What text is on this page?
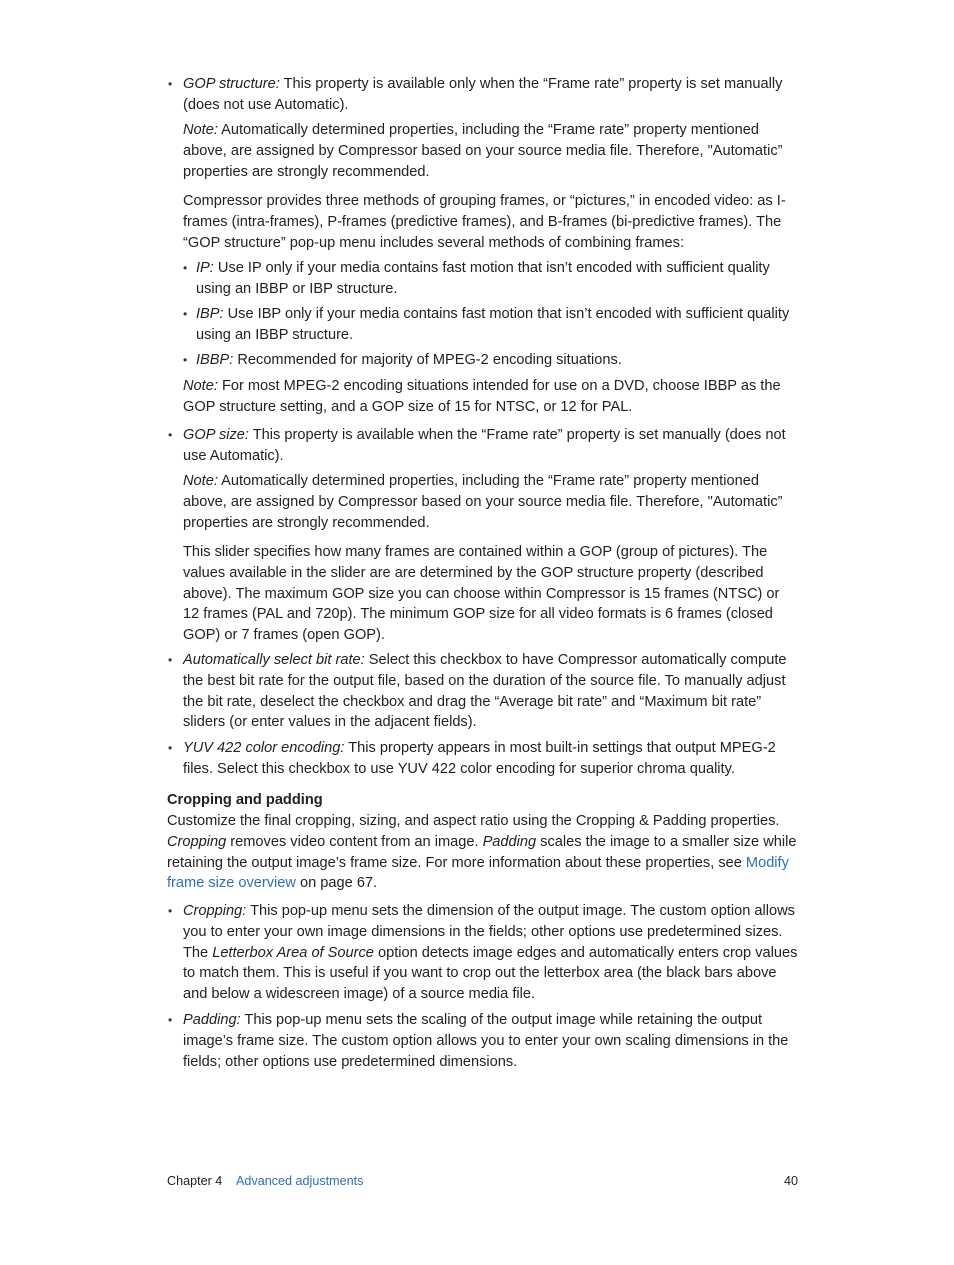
• GOP structure: This property is available only when the “Frame rate” property is set manually (does not use Automatic).

Note: Automatically determined properties, including the “Frame rate” property mentioned above, are assigned by Compressor based on your source media file. Therefore, "Automatic” properties are strongly recommended.

Compressor provides three methods of grouping frames, or “pictures,” in encoded video: as I-frames (intra-frames), P-frames (predictive frames), and B-frames (bi-predictive frames). The “GOP structure” pop-up menu includes several methods of combining frames:

• IP: Use IP only if your media contains fast motion that isn’t encoded with sufficient quality using an IBBP or IBP structure.

• IBP: Use IBP only if your media contains fast motion that isn’t encoded with sufficient quality using an IBBP structure.

• IBBP: Recommended for majority of MPEG-2 encoding situations.

Note: For most MPEG-2 encoding situations intended for use on a DVD, choose IBBP as the GOP structure setting, and a GOP size of 15 for NTSC, or 12 for PAL.

• GOP size: This property is available when the “Frame rate” property is set manually (does not use Automatic).

Note: Automatically determined properties, including the “Frame rate” property mentioned above, are assigned by Compressor based on your source media file. Therefore, "Automatic” properties are strongly recommended.

This slider specifies how many frames are contained within a GOP (group of pictures). The values available in the slider are are determined by the GOP structure property (described above). The maximum GOP size you can choose within Compressor is 15 frames (NTSC) or 12 frames (PAL and 720p). The minimum GOP size for all video formats is 6 frames (closed GOP) or 7 frames (open GOP).

• Automatically select bit rate: Select this checkbox to have Compressor automatically compute the best bit rate for the output file, based on the duration of the source file. To manually adjust the bit rate, deselect the checkbox and drag the “Average bit rate” and “Maximum bit rate” sliders (or enter values in the adjacent fields).

• YUV 422 color encoding: This property appears in most built-in settings that output MPEG-2 files. Select this checkbox to use YUV 422 color encoding for superior chroma quality.

Cropping and padding

Customize the final cropping, sizing, and aspect ratio using the Cropping & Padding properties. Cropping removes video content from an image. Padding scales the image to a smaller size while retaining the output image’s frame size. For more information about these properties, see Modify frame size overview on page 67.

• Cropping: This pop-up menu sets the dimension of the output image. The custom option allows you to enter your own image dimensions in the fields; other options use predetermined sizes. The Letterbox Area of Source option detects image edges and automatically enters crop values to match them. This is useful if you want to crop out the letterbox area (the black bars above and below a widescreen image) of a source media file.

• Padding: This pop-up menu sets the scaling of the output image while retaining the output image’s frame size. The custom option allows you to enter your own scaling dimensions in the fields; other options use predetermined dimensions.

Chapter 4 Advanced adjustments	40
